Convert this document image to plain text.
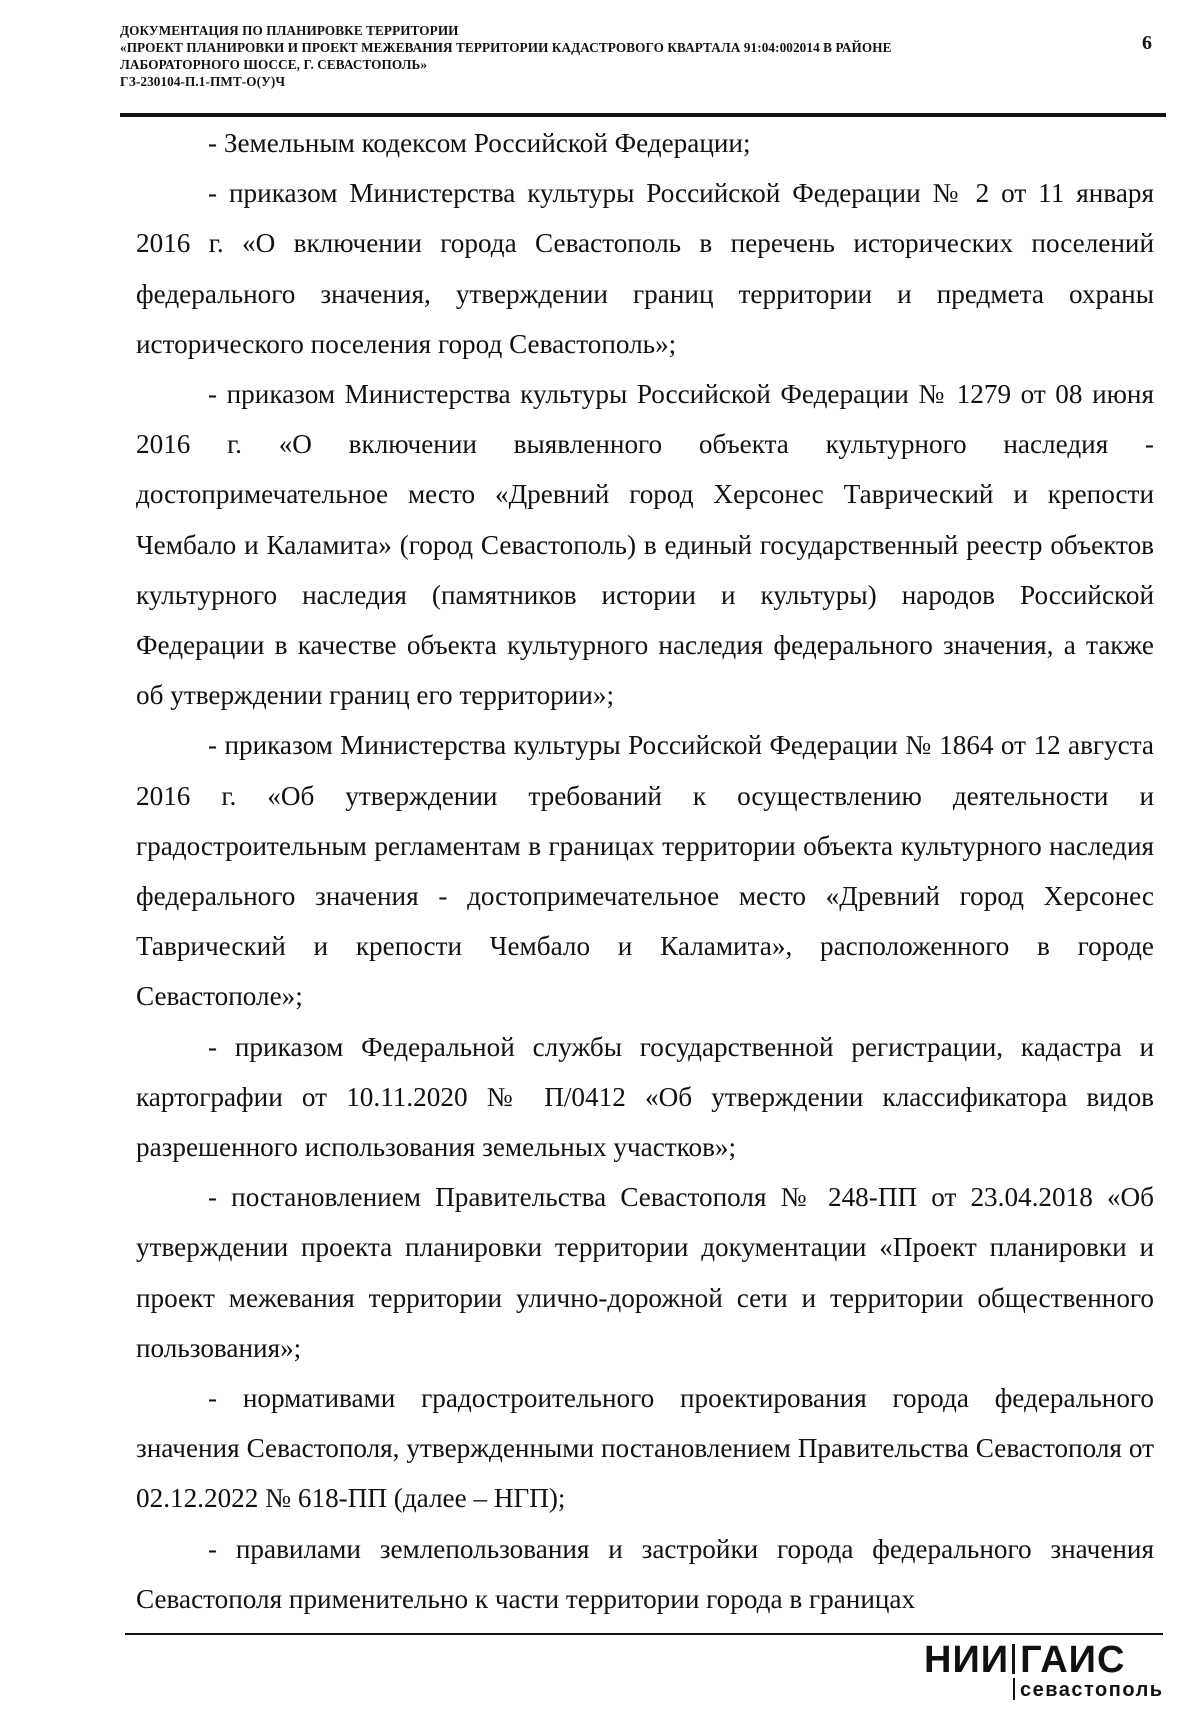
ДОКУМЕНТАЦИЯ ПО ПЛАНИРОВКЕ ТЕРРИТОРИИ
«ПРОЕКТ ПЛАНИРОВКИ И ПРОЕКТ МЕЖЕВАНИЯ ТЕРРИТОРИИ КАДАСТРОВОГО КВАРТАЛА 91:04:002014 В РАЙОНЕ
ЛАБОРАТОРНОГО ШОССЕ, Г. СЕВАСТОПОЛЬ»
ГЗ-230104-П.1-ПМТ-О(У)Ч
6

- Земельным кодексом Российской Федерации;

- приказом Министерства культуры Российской Федерации № 2 от 11 января 2016 г. «О включении города Севастополь в перечень исторических поселений федерального значения, утверждении границ территории и предмета охраны исторического поселения город Севастополь»;

- приказом Министерства культуры Российской Федерации № 1279 от 08 июня 2016 г. «О включении выявленного объекта культурного наследия - достопримечательное место «Древний город Херсонес Таврический и крепости Чембало и Каламита» (город Севастополь) в единый государственный реестр объектов культурного наследия (памятников истории и культуры) народов Российской Федерации в качестве объекта культурного наследия федерального значения, а также об утверждении границ его территории»;

- приказом Министерства культуры Российской Федерации № 1864 от 12 августа 2016 г. «Об утверждении требований к осуществлению деятельности и градостроительным регламентам в границах территории объекта культурного наследия федерального значения - достопримечательное место «Древний город Херсонес Таврический и крепости Чембало и Каламита», расположенного в городе Севастополе»;

- приказом Федеральной службы государственной регистрации, кадастра и картографии от 10.11.2020 № П/0412 «Об утверждении классификатора видов разрешенного использования земельных участков»;

- постановлением Правительства Севастополя № 248-ПП от 23.04.2018 «Об утверждении проекта планировки территории документации «Проект планировки и проект межевания территории улично-дорожной сети и территории общественного пользования»;

- нормативами градостроительного проектирования города федерального значения Севастополя, утвержденными постановлением Правительства Севастополя от 02.12.2022 № 618-ПП (далее – НГП);

- правилами землепользования и застройки города федерального значения Севастополя применительно к части территории города в границах

НИИ ГАИС
севастополь
